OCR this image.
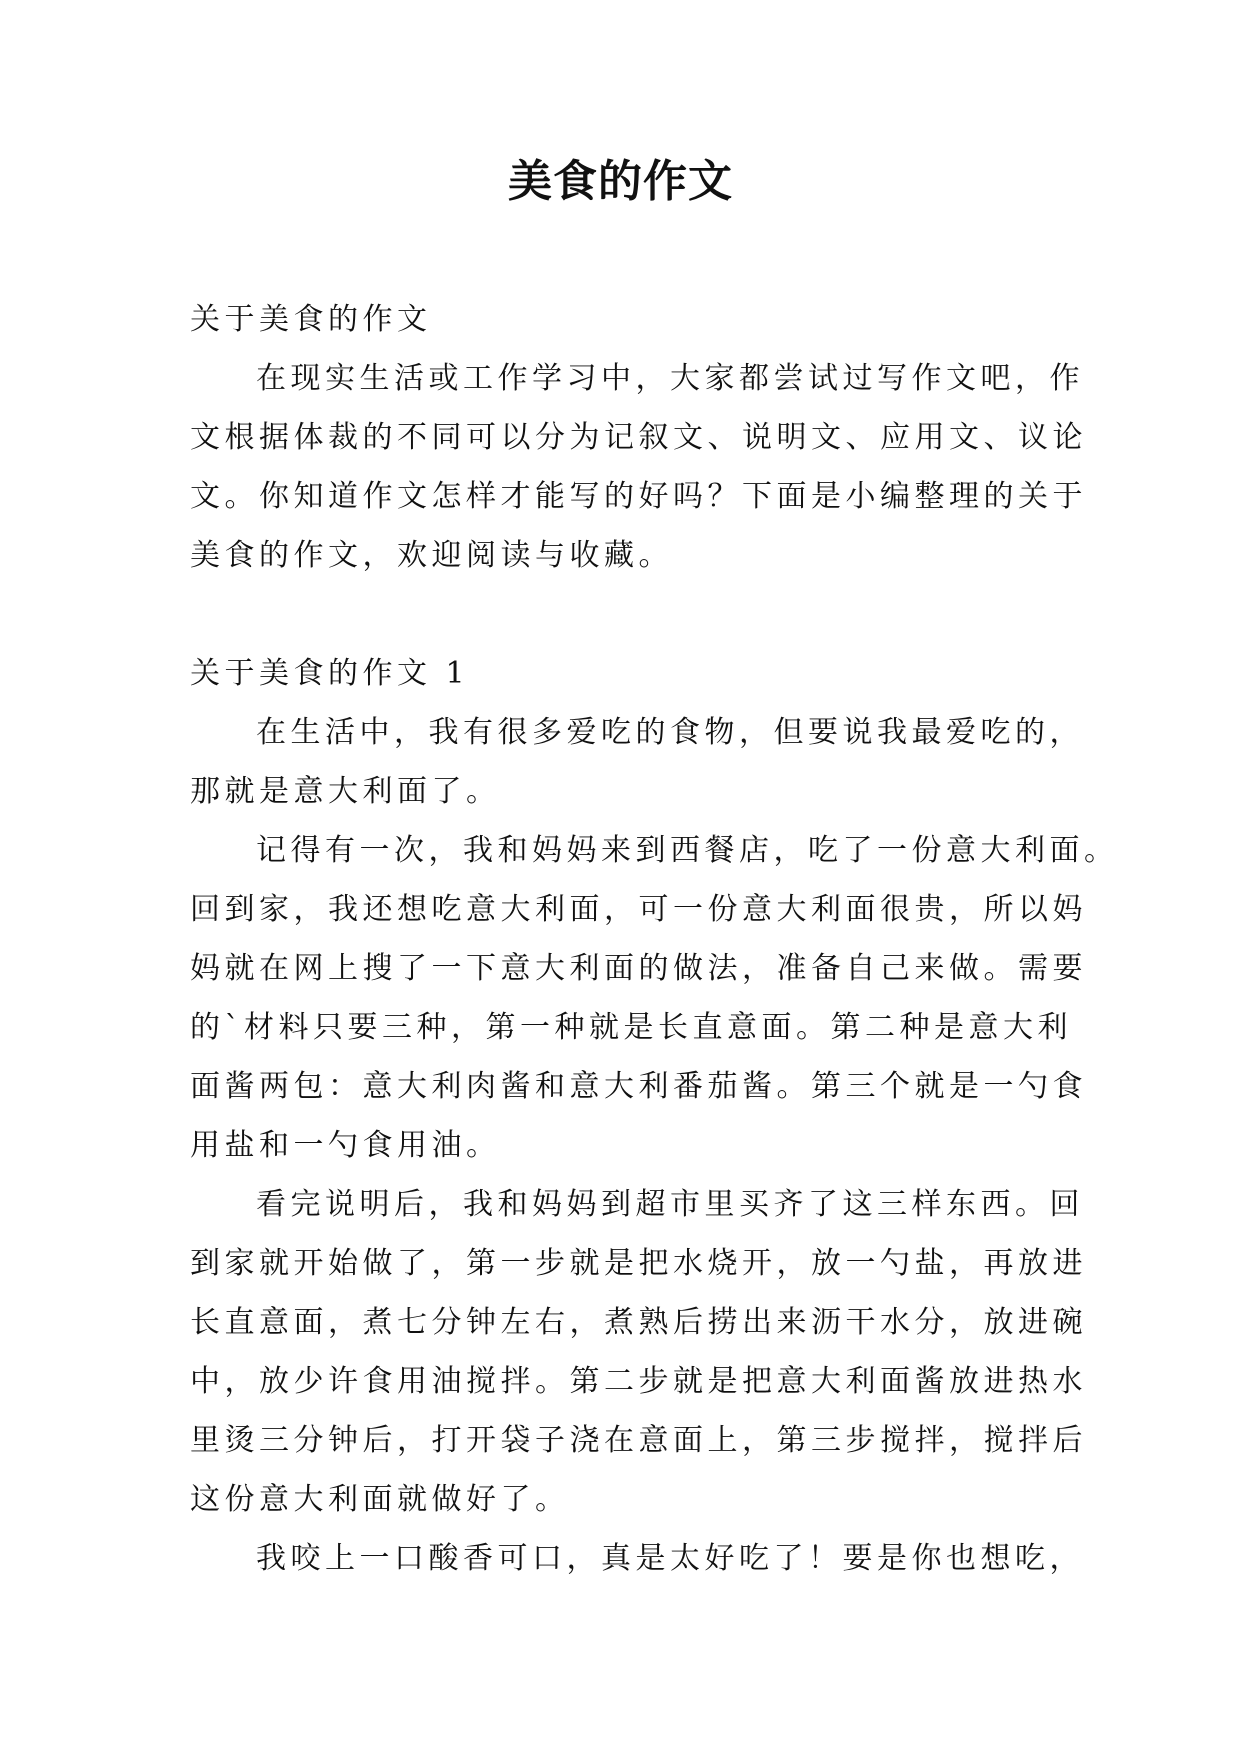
美食的作文
关于美食的作文
在现实生活或工作学习中，大家都尝试过写作文吧，作
文根据体裁的不同可以分为记叙文、说明文、应用文、议论
文。你知道作文怎样才能写的好吗？下面是小编整理的关于
美食的作文，欢迎阅读与收藏。
关于美食的作文 1
在生活中，我有很多爱吃的食物，但要说我最爱吃的，
那就是意大利面了。
记得有一次，我和妈妈来到西餐店，吃了一份意大利面。
回到家，我还想吃意大利面，可一份意大利面很贵，所以妈
妈就在网上搜了一下意大利面的做法，准备自己来做。需要
的`材料只要三种，第一种就是长直意面。第二种是意大利
面酱两包：意大利肉酱和意大利番茄酱。第三个就是一勺食
用盐和一勺食用油。
看完说明后，我和妈妈到超市里买齐了这三样东西。回
到家就开始做了，第一步就是把水烧开，放一勺盐，再放进
长直意面，煮七分钟左右，煮熟后捞出来沥干水分，放进碗
中，放少许食用油搅拌。第二步就是把意大利面酱放进热水
里烫三分钟后，打开袋子浇在意面上，第三步搅拌，搅拌后
这份意大利面就做好了。
我咬上一口酸香可口，真是太好吃了！要是你也想吃，
